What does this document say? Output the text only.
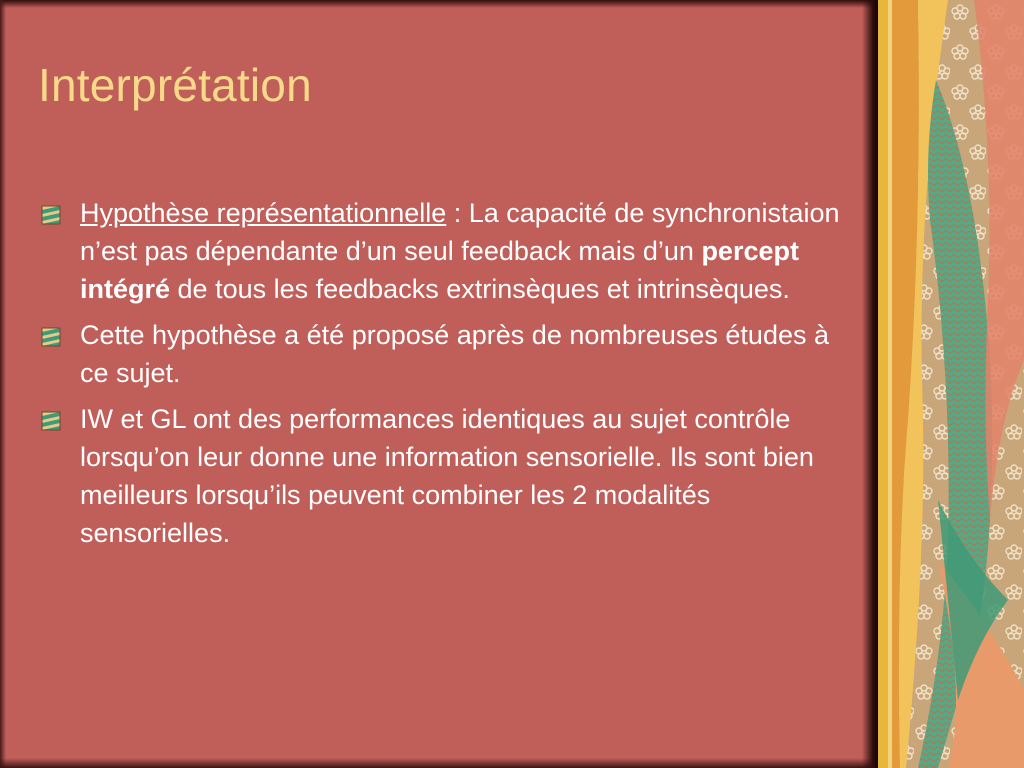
Interprétation
Hypothèse représentationnelle : La capacité de synchronistaion n’est pas dépendante d’un seul feedback mais d’un percept intégré de tous les feedbacks extrinsèques et intrinsèques.
Cette hypothèse a été proposé après de nombreuses études à ce sujet.
IW et GL ont des performances identiques au sujet contrôle lorsqu’on leur donne une information sensorielle. Ils sont bien meilleurs lorsqu’ils peuvent combiner les 2 modalités sensorielles.
